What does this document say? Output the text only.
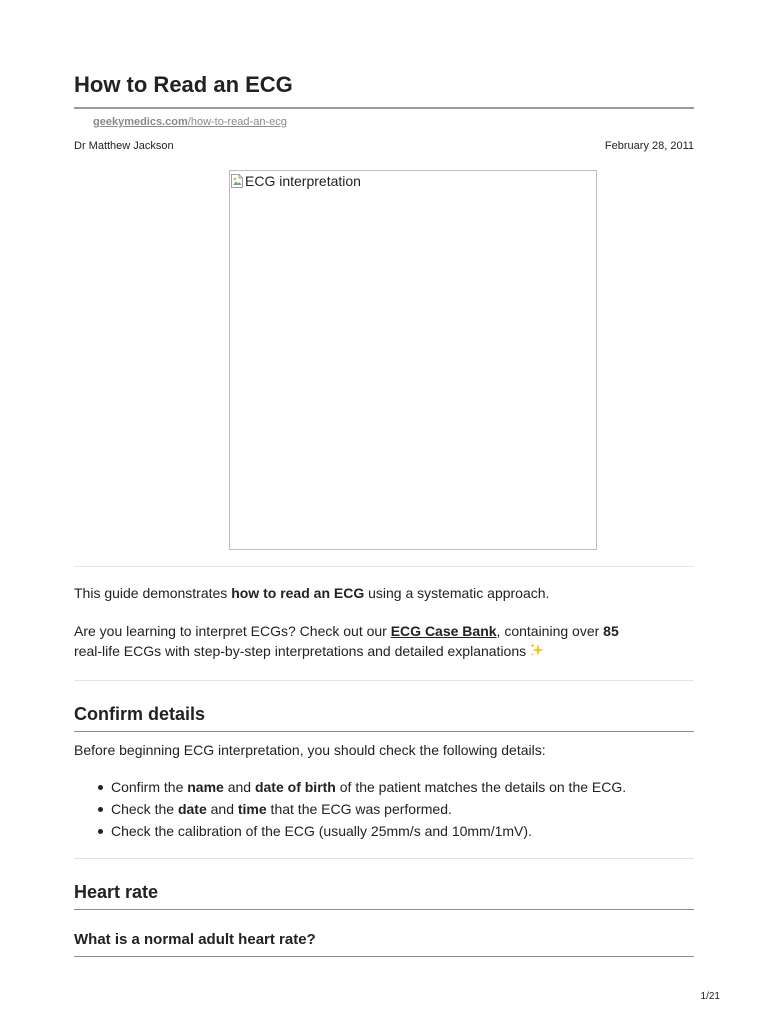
How to Read an ECG
geekymedics.com/how-to-read-an-ecg
Dr Matthew Jackson	February 28, 2011
ECG interpretation

This guide demonstrates how to read an ECG using a systematic approach.

Are you learning to interpret ECGs? Check out our ECG Case Bank, containing over 85
real-life ECGs with step-by-step interpretations and detailed explanations

Confirm details

Before beginning ECG interpretation, you should check the following details:

Confirm the name and date of birth of the patient matches the details on the ECG.
Check the date and time that the ECG was performed.
Check the calibration of the ECG (usually 25mm/s and 10mm/1mV).
Heart rate
What is a normal adult heart rate?
1/21
